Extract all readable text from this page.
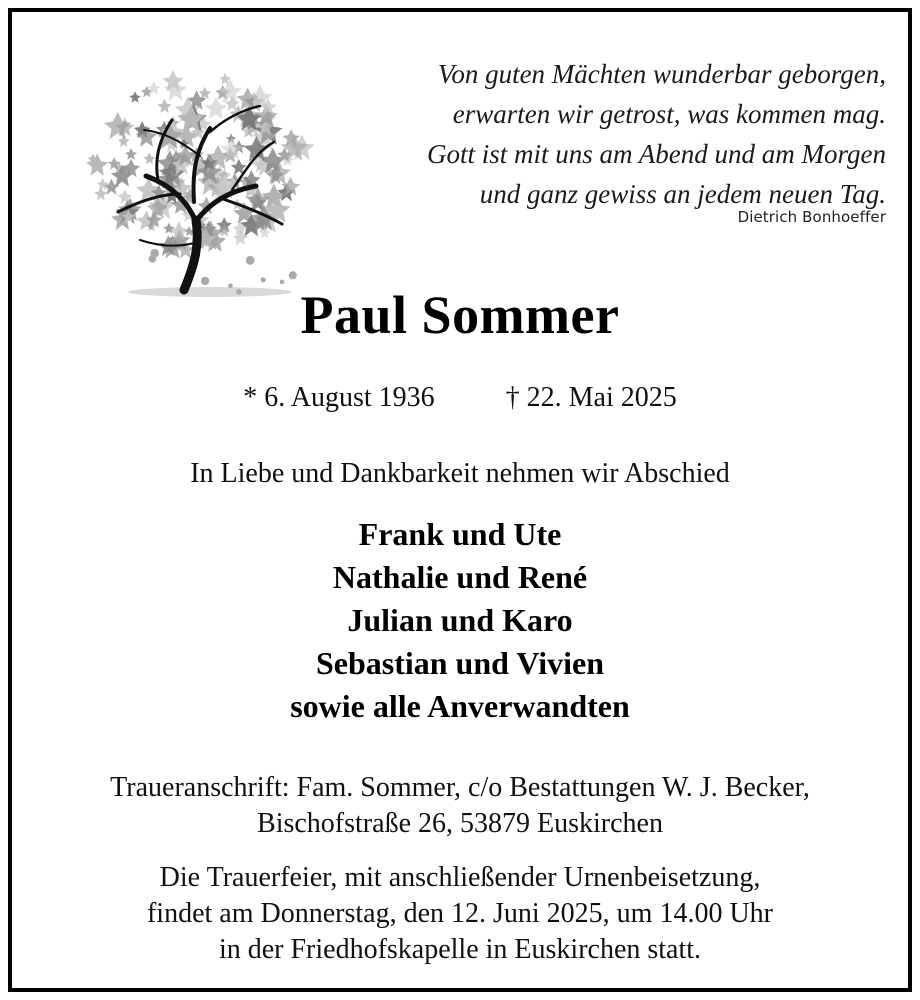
Von guten Mächten wunderbar geborgen,
erwarten wir getrost, was kommen mag.
Gott ist mit uns am Abend und am Morgen
und ganz gewiss an jedem neuen Tag.
Dietrich Bonhoeffer
Paul Sommer
* 6. August 1936	† 22. Mai 2025
In Liebe und Dankbarkeit nehmen wir Abschied
Frank und Ute
Nathalie und René
Julian und Karo
Sebastian und Vivien
sowie alle Anverwandten
Traueranschrift: Fam. Sommer, c/o Bestattungen W. J. Becker,
Bischofstraße 26, 53879 Euskirchen
Die Trauerfeier, mit anschließender Urnenbeisetzung,
findet am Donnerstag, den 12. Juni 2025, um 14.00 Uhr
in der Friedhofskapelle in Euskirchen statt.
